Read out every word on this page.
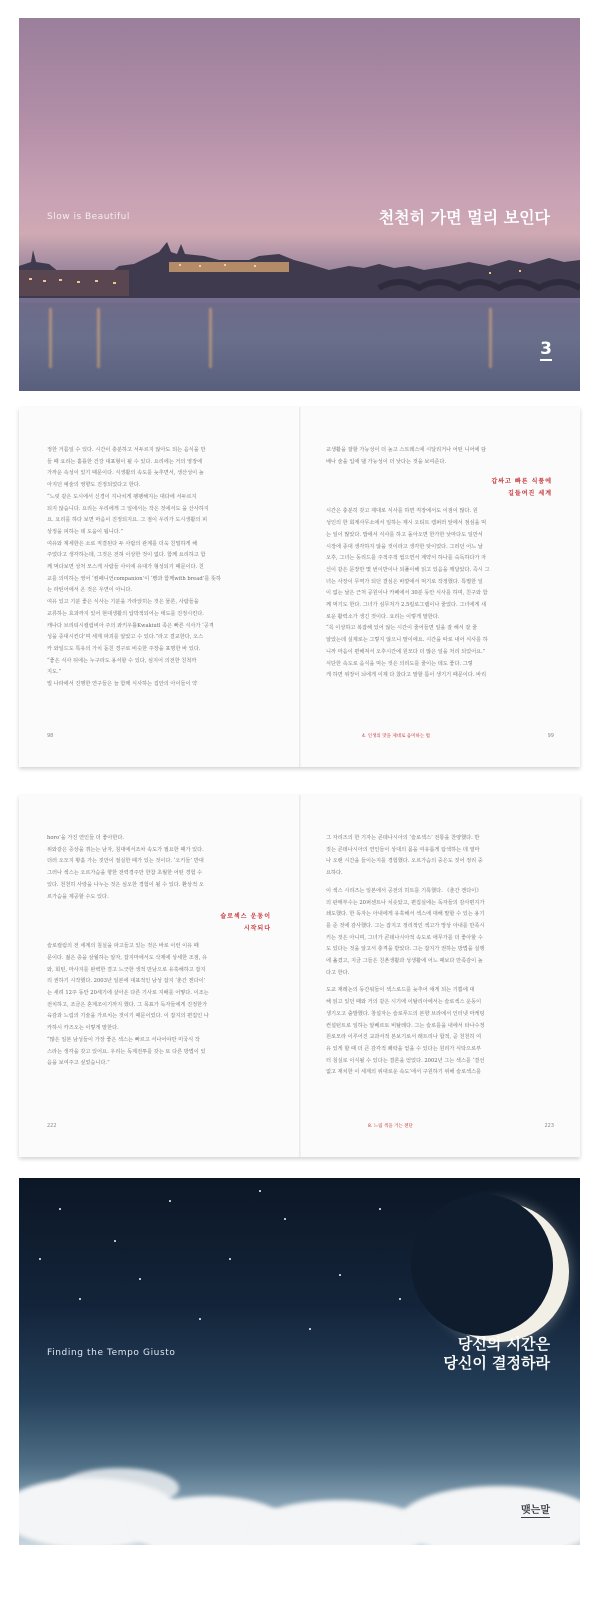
Slow is Beautiful	천천히 가면 멀리 보인다
3
정한 거름일 수 있다. 시간이 충분하고 서두르지 않아도 되는 음식을 만
들 때 요리는 훌륭한 건강 대표형이 될 수 있다. 요리에는 거의 영장에
가까운 속성이 있기 때문이다. 식생활의 속도를 늦추면서, 생산성이 높
아지던 예술의 영향도 진정되었다고 한다.
“느릿 같은 도시에서 신경이 지나치게 팽팽해지는 대다에 서두르지
되지 않습니다. 요리는 우리에게 그 일에서는 작은 것에서도 을 산사하지
요. 요리를 하다 보면 마음이 진정되지요. 그 점이 우리가 도시생활의 피
상정을 피하는 데 도움이 됩니다.”
여유와 계세한은 소로 직결된다 두 사람의 관계를 더욱 친밀하게 해
주었다고 생각하는데, 그것은 전혀 이상한 것이 없다. 함께 요리하고 함
께 먹다보면 상처 모스게 사람들 사이에 유대가 형성되기 때문이다. 친
교를 의미하는 영어 ‘컴패니언companion’이 ‘빵과 함께with bread’를 뜻하
는 라틴어에서 온 것은 우연이 아니다.
여유 있고 기분 좋은 식사는 기분을 가라앉히는 것은 물론, 사람들을
교류하는 효과까지 있어 현대생활의 압박적되어는 태도를 진정시킨다.
캐나다 브리티시컬럼비아 주의 콰키우틀Kwakiutl 족은 빠른 식사가 ‘공격
성을 증대시킨다’며 세계 파괴를 알았고 수 있다.”라고 결교한다, 오스
카 와일드도 특유의 가치 돋친 경구로 비슷한 주장을 표명한 바 있다.
“좋은 식사 뒤에는 누구라도 용서할 수 있다, 심지어 의전한 친척까
지도.”
빌 나라에서 진행한 연구들은 늘 함께 식사하는 집안의 아이들이 약
98
교생활을 잘할 가능성이 더 높고 스트레스에 시달리거나 어떤 니어에 담
배나 술을 입에 댈 가능성이 더 낮다는 것을 보여준다.
갑싸고 빠른 식품에
길들여진 세계
시간은 충분히 갖고 제대로 식사를 하면 직장에서도 이점이 많다. 원
성인의 한 회계사무소에서 일하는 제시 오티트 캠퍼러 앞에서 점심을 먹
는 일이 많았다. 밥에서 식사를 하고 돌아오면 한가한 낮마다도 일만서
시장에 종대 생각하지 않을 것이라고 생각한 탓이었다. 그러던 어느 날
오후, 그녀는 동리드를 주적주적 씹으면서 계약서 하나를 숙독하다가 자
신이 같은 문장만 몇 번이반이나 되풀이해 읽고 있음을 깨달았다. 즉시 그
녀는 사장이 무역가 되던 결심은 바깥에서 먹기로 작정했다. 특별한 일
이 없는 날은 근처 공원이나 카페에서 30분 동안 식사를 하며, 친구와 함
께 먹기도 한다. 그녀가 심무처가 2.5킬로그램이나 줄었다. 그녀에게 새
로운 활력소가 생긴 것이다. 요리는 이렇게 말한다.
“꼭 이상하고 복잡해 있어 않는 시간이 줄어들면 일을 잘 해서 잘 줄
알았는데 실제로는 그렇지 않으니 말이에요. 시간을 따로 내어 식사를 하
니까 마음이 편해져서 오후시간에 원모다 더 많은 일을 처리 되었어요.”
식단한 속도로 음식을 먹는 것은 의리도를 줄이는 데도 좋다. 그렇
게 하면 위장이 뇌에게 이제 다 찼다고 말할 틈이 생기기 때문이다. 바리
4. 인생의 맛을 제대로 음미하는 법	99
horo’을 가진 연인들 더 좋아한다.
위와같은 증상을 겪는는 남자, 침대에서조차 속도가 필요한 때가 있다.
더러 오모지 황홀 가는 짓만이 절실한 때가 있는 것이다. ‘오키들’ 반대
그러나 섹스는 오르가슴을 향한 전력경주만 한참 초월한 어떤 경험 수
있다. 천천히 사랑을 나누는 것은 심오한 경험이 될 수 있다. 환상적 오
르가슴을 제공할 수도 있다.
슬로섹스 운동이
시작되다
슬로컬럼의 전 세계의 침실을 파고들고 있는 것은 바로 이런 이유 때
문이다. 젊은 층을 삼월하는 알자, 잡지마에서도 삭제에 상세한 조점, 유
와, 회틴, 마사지를 완벽한 결고 느긋한 생적 만남으로 유혹해하고 잡지
의 권하기 시작했다. 2003년 일본에 대표적인 남성 잡지 ‘춘간 겐다이’
는 새려 12주 동안 20세기에 살아온 다른 기사로 지배를 어떻다. 이조는
전치하고, 조금은 혼계조이기까지 했다. 그 목표가 독자들에게 진정한가
육감과 느림의 기술을 가르치는 것이기 때문이었다. 이 잡지의 편집인 나
카하시 카즈오는 이렇게 말한다.
“많은 일본 남성들이 가장 좋은 섹스는 빠르고 서나어야만 미국식 작
스라는 생각을 갖고 있어요. 우리는 독계전투를 갖는 또 다른 방법이 있
음을 보여주고 싶었습니다.”
222
그 자리즈의 한 기자는 콘데나시아의 ‘슬로섹스’ 전통을 찬양했다. 반
짓는 콘데나시아의 연인들이 상대의 몸을 여유롭게 탐색하는 데 열마
나 오랜 시간을 들이는지를 경험했다. 오르가슴의 중은도 짓어 정리 중
요하다.
이 섹스 시리즈는 일본에서 공전의 히트를 기록했다. 《춘간 겐다이》
의 판매부수는 20퍼센트나 치솟았고, 편집실에는 독자들의 감사편지가
쇄도했다. 한 독자는 아내에게 유혹해서 섹스에 대해 말할 수 있는 용기
를 준 것에 감사했다. 그는 잡지고 정리적인 섹고가 망상 아내를 만족시
키는 것은 아니며, 그녀가 콘데나시아적 속도로 애무가를 더 좋아할 수
도 있다는 것을 알고서 충격을 받았다. 그는 잡지가 권하는 방법을 실행
에 옮겼고, 지금 그들은 친촌생활과 성생활에 어느 때보다 만족감이 높
다고 한다.
도교 재레논의 동간워들이 섹스로드를 늦추어 얘게 되는 기쁨에 대
해 읽고 있던 때와 거의 같은 시기에 이탈리아에서는 슬로섹스 운동이
생기오고 출발했다. 창설자는 슬로푸드의 본향 브라에서 인터넷 마케팅
컨설턴트로 일하는 알베르토 비탈레다. 그는 슬로를을 내에서 타나수정
원로모라 이루어진 교과서적 본보기로서 래트리나 합적, 곧 천천히 여
유 있게 할 때 더 큰 감각적 쾌락을 얻을 수 있다는 원리가 식탁으로부
터 침실로 이식될 수 있다는 결론을 얻었다. 2002년 그는 섹스를 ‘결선
없고 재치한 이 세계의 위대로운 속도’에서 구원하기 위해 슬로섹스를
8. 느림 섹을 거는 젠단	223
Finding the Tempo Giusto	당신의 시간은
당신이 결정하라
맺는말
